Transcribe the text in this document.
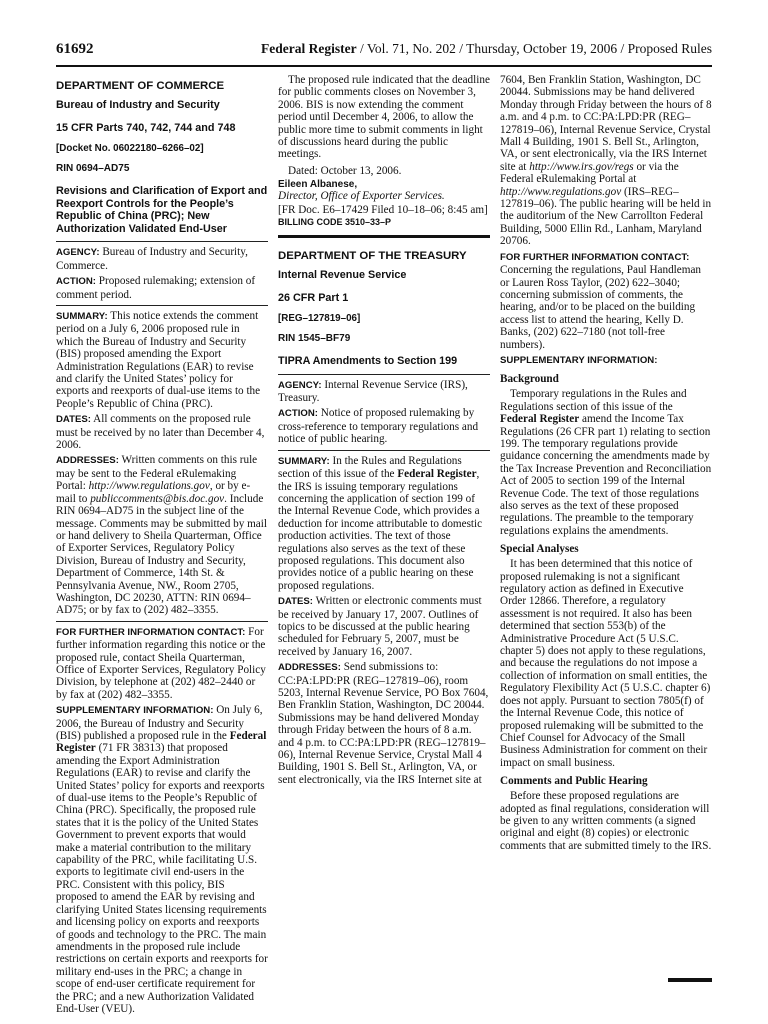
61692	Federal Register / Vol. 71, No. 202 / Thursday, October 19, 2006 / Proposed Rules

DEPARTMENT OF COMMERCE

Bureau of Industry and Security

15 CFR Parts 740, 742, 744 and 748

[Docket No. 06022180–6266–02]

RIN 0694–AD75

Revisions and Clarification of Export and Reexport Controls for the People’s Republic of China (PRC); New Authorization Validated End-User

AGENCY: Bureau of Industry and Security, Commerce.

ACTION: Proposed rulemaking; extension of comment period.

SUMMARY: This notice extends the comment period on a July 6, 2006 proposed rule in which the Bureau of Industry and Security (BIS) proposed amending the Export Administration Regulations (EAR) to revise and clarify the United States’ policy for exports and reexports of dual-use items to the People’s Republic of China (PRC).

DATES: All comments on the proposed rule must be received by no later than December 4, 2006.

ADDRESSES: Written comments on this rule may be sent to the Federal eRulemaking Portal: http://www.regulations.gov, or by e-mail to publiccomments@bis.doc.gov. Include RIN 0694–AD75 in the subject line of the message. Comments may be submitted by mail or hand delivery to Sheila Quarterman, Office of Exporter Services, Regulatory Policy Division, Bureau of Industry and Security, Department of Commerce, 14th St. & Pennsylvania Avenue, NW., Room 2705, Washington, DC 20230, ATTN: RIN 0694–AD75; or by fax to (202) 482–3355.

FOR FURTHER INFORMATION CONTACT: For further information regarding this notice or the proposed rule, contact Sheila Quarterman, Office of Exporter Services, Regulatory Policy Division, by telephone at (202) 482–2440 or by fax at (202) 482–3355.

SUPPLEMENTARY INFORMATION: On July 6, 2006, the Bureau of Industry and Security (BIS) published a proposed rule in the Federal Register (71 FR 38313) that proposed amending the Export Administration Regulations (EAR) to revise and clarify the United States’ policy for exports and reexports of dual-use items to the People’s Republic of China (PRC). Specifically, the proposed rule states that it is the policy of the United States Government to prevent exports that would make a material contribution to the military capability of the PRC, while facilitating U.S. exports to legitimate civil end-users in the PRC. Consistent with this policy, BIS proposed to amend the EAR by revising and clarifying United States licensing requirements and licensing policy on exports and reexports of goods and technology to the PRC. The main amendments in the proposed rule include restrictions on certain exports and reexports for military end-uses in the PRC; a change in scope of end-user certificate requirement for the PRC; and a new Authorization Validated End-User (VEU).

The proposed rule indicated that the deadline for public comments closes on November 3, 2006. BIS is now extending the comment period until December 4, 2006, to allow the public more time to submit comments in light of discussions heard during the public meetings.

Dated: October 13, 2006.

Eileen Albanese,

Director, Office of Exporter Services.

[FR Doc. E6–17429 Filed 10–18–06; 8:45 am]

BILLING CODE 3510–33–P

DEPARTMENT OF THE TREASURY

Internal Revenue Service

26 CFR Part 1

[REG–127819–06]

RIN 1545–BF79

TIPRA Amendments to Section 199

AGENCY: Internal Revenue Service (IRS), Treasury.

ACTION: Notice of proposed rulemaking by cross-reference to temporary regulations and notice of public hearing.

SUMMARY: In the Rules and Regulations section of this issue of the Federal Register, the IRS is issuing temporary regulations concerning the application of section 199 of the Internal Revenue Code, which provides a deduction for income attributable to domestic production activities. The text of those regulations also serves as the text of these proposed regulations. This document also provides notice of a public hearing on these proposed regulations.

DATES: Written or electronic comments must be received by January 17, 2007. Outlines of topics to be discussed at the public hearing scheduled for February 5, 2007, must be received by January 16, 2007.

ADDRESSES: Send submissions to: CC:PA:LPD:PR (REG–127819–06), room 5203, Internal Revenue Service, PO Box 7604, Ben Franklin Station, Washington, DC 20044. Submissions may be hand delivered Monday through Friday between the hours of 8 a.m. and 4 p.m. to CC:PA:LPD:PR (REG–127819–06), Internal Revenue Service, Crystal Mall 4 Building, 1901 S. Bell St., Arlington, VA, or sent electronically, via the IRS Internet site at

7604, Ben Franklin Station, Washington, DC 20044. Submissions may be hand delivered Monday through Friday between the hours of 8 a.m. and 4 p.m. to CC:PA:LPD:PR (REG–127819–06), Internal Revenue Service, Crystal Mall 4 Building, 1901 S. Bell St., Arlington, VA, or sent electronically, via the IRS Internet site at http://www.irs.gov/regs or via the Federal eRulemaking Portal at http://www.regulations.gov (IRS–REG–127819–06). The public hearing will be held in the auditorium of the New Carrollton Federal Building, 5000 Ellin Rd., Lanham, Maryland 20706.

FOR FURTHER INFORMATION CONTACT: Concerning the regulations, Paul Handleman or Lauren Ross Taylor, (202) 622–3040; concerning submission of comments, the hearing, and/or to be placed on the building access list to attend the hearing, Kelly D. Banks, (202) 622–7180 (not toll-free numbers).

SUPPLEMENTARY INFORMATION:

Background

Temporary regulations in the Rules and Regulations section of this issue of the Federal Register amend the Income Tax Regulations (26 CFR part 1) relating to section 199. The temporary regulations provide guidance concerning the amendments made by the Tax Increase Prevention and Reconciliation Act of 2005 to section 199 of the Internal Revenue Code. The text of those regulations also serves as the text of these proposed regulations. The preamble to the temporary regulations explains the amendments.

Special Analyses

It has been determined that this notice of proposed rulemaking is not a significant regulatory action as defined in Executive Order 12866. Therefore, a regulatory assessment is not required. It also has been determined that section 553(b) of the Administrative Procedure Act (5 U.S.C. chapter 5) does not apply to these regulations, and because the regulations do not impose a collection of information on small entities, the Regulatory Flexibility Act (5 U.S.C. chapter 6) does not apply. Pursuant to section 7805(f) of the Internal Revenue Code, this notice of proposed rulemaking will be submitted to the Chief Counsel for Advocacy of the Small Business Administration for comment on their impact on small business.

Comments and Public Hearing

Before these proposed regulations are adopted as final regulations, consideration will be given to any written comments (a signed original and eight (8) copies) or electronic comments that are submitted timely to the IRS.
